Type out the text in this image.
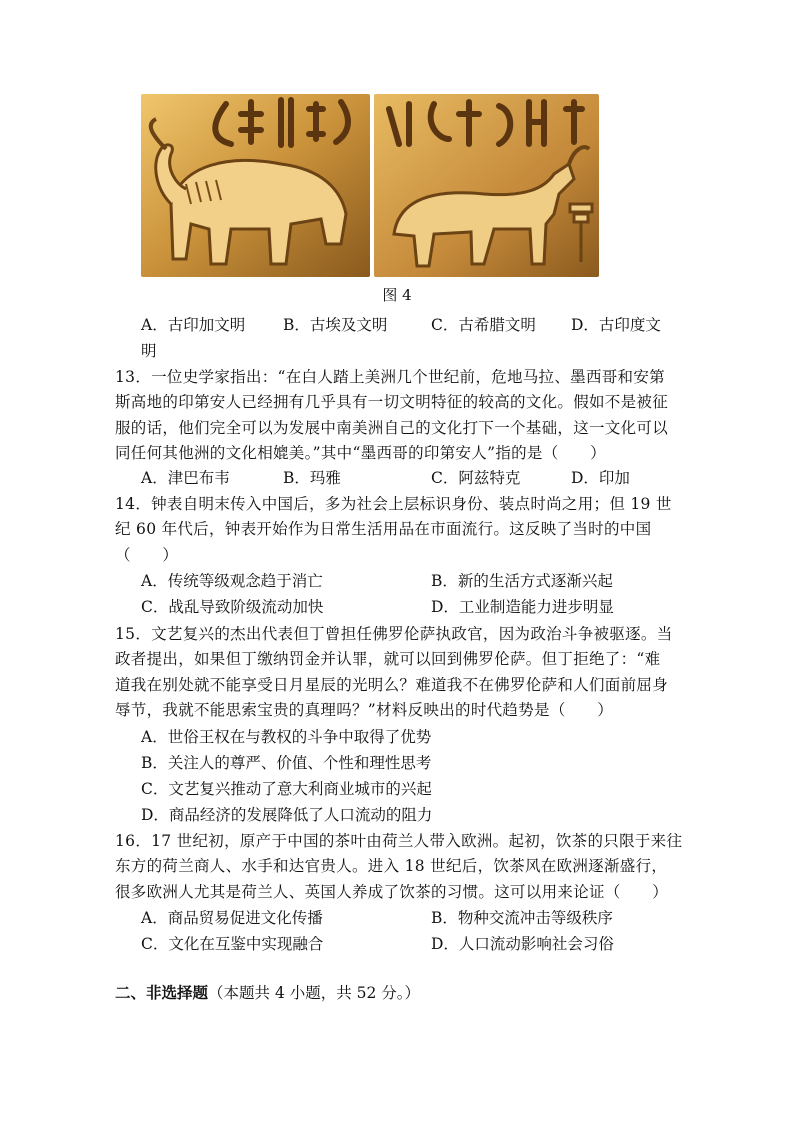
图 4
A．古印加文明 B．古埃及文明	C．古希腊文明 D．古印度文
明
13．一位史学家指出：“在白人踏上美洲几个世纪前，危地马拉、墨西哥和安第
斯高地的印第安人已经拥有几乎具有一切文明特征的较高的文化。假如不是被征
服的话，他们完全可以为发展中南美洲自己的文化打下一个基础，这一文化可以
同任何其他洲的文化相媲美。”其中“墨西哥的印第安人”指的是（　　）
A．津巴布韦	B．玛雅	C．阿兹特克	D．印加
14．钟表自明末传入中国后，多为社会上层标识身份、装点时尚之用；但 19 世
纪 60 年代后，钟表开始作为日常生活用品在市面流行。这反映了当时的中国
（　　）
A．传统等级观念趋于消亡	B．新的生活方式逐渐兴起
C．战乱导致阶级流动加快	D．工业制造能力进步明显
15．文艺复兴的杰出代表但丁曾担任佛罗伦萨执政官，因为政治斗争被驱逐。当
政者提出，如果但丁缴纳罚金并认罪，就可以回到佛罗伦萨。但丁拒绝了：“难
道我在别处就不能享受日月星辰的光明么？难道我不在佛罗伦萨和人们面前屈身
辱节，我就不能思索宝贵的真理吗？”材料反映出的时代趋势是（　　）
A．世俗王权在与教权的斗争中取得了优势
B．关注人的尊严、价值、个性和理性思考
C．文艺复兴推动了意大利商业城市的兴起
D．商品经济的发展降低了人口流动的阻力
16．17 世纪初，原产于中国的茶叶由荷兰人带入欧洲。起初，饮茶的只限于来往
东方的荷兰商人、水手和达官贵人。进入 18 世纪后，饮茶风在欧洲逐渐盛行，
很多欧洲人尤其是荷兰人、英国人养成了饮茶的习惯。这可以用来论证（　　）
A．商品贸易促进文化传播	B．物种交流冲击等级秩序
C．文化在互鉴中实现融合	D．人口流动影响社会习俗
二、非选择题（本题共 4 小题，共 52 分。）
